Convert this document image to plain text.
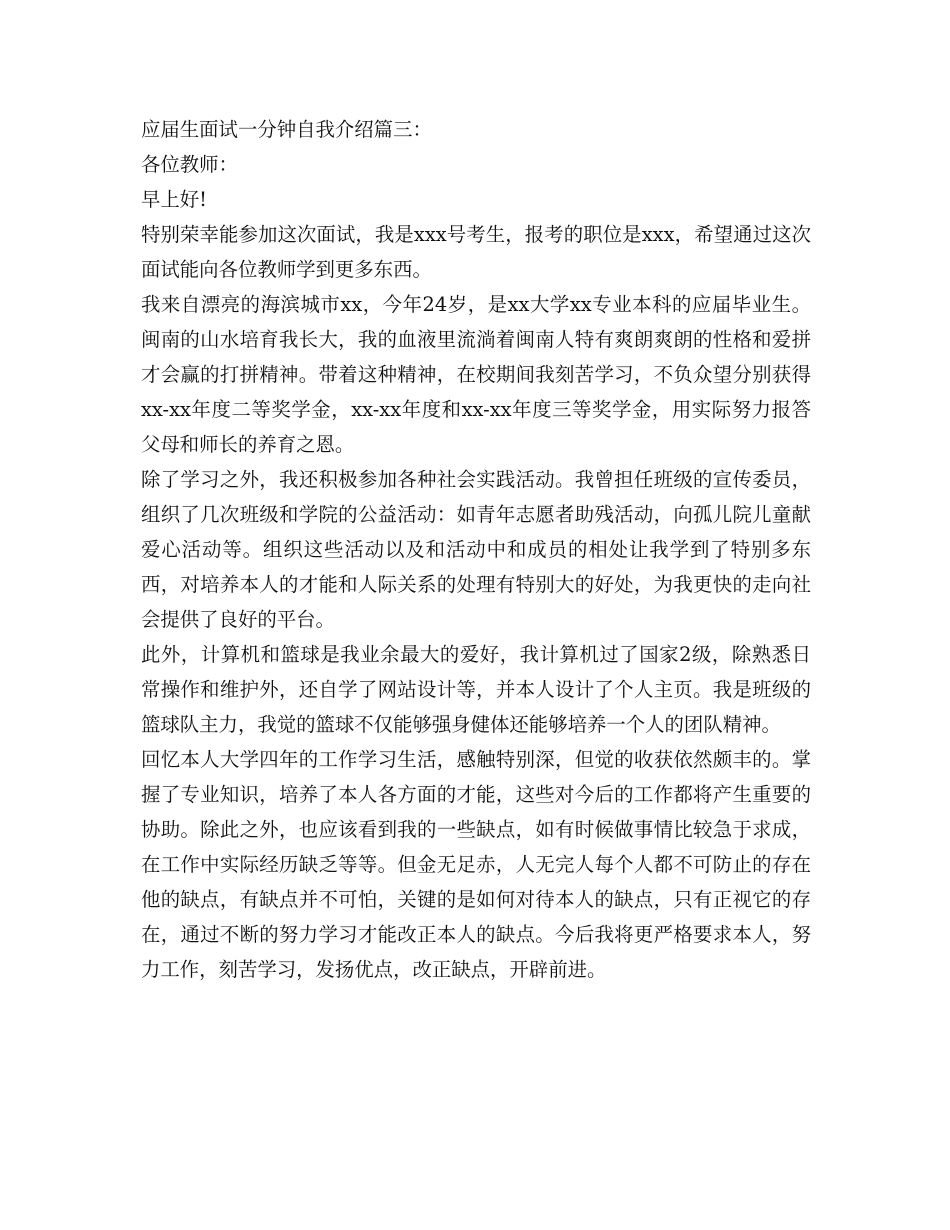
应届生面试一分钟自我介绍篇三：

各位教师：

早上好!

特别荣幸能参加这次面试，我是xxx号考生，报考的职位是xxx，希望通过这次面试能向各位教师学到更多东西。

我来自漂亮的海滨城市xx，今年24岁，是xx大学xx专业本科的应届毕业生。闽南的山水培育我长大，我的血液里流淌着闽南人特有爽朗爽朗的性格和爱拼才会赢的打拼精神。带着这种精神，在校期间我刻苦学习，不负众望分别获得xx-xx年度二等奖学金，xx-xx年度和xx-xx年度三等奖学金，用实际努力报答父母和师长的养育之恩。

除了学习之外，我还积极参加各种社会实践活动。我曾担任班级的宣传委员，组织了几次班级和学院的公益活动：如青年志愿者助残活动，向孤儿院儿童献爱心活动等。组织这些活动以及和活动中和成员的相处让我学到了特别多东西，对培养本人的才能和人际关系的处理有特别大的好处，为我更快的走向社会提供了良好的平台。

此外，计算机和篮球是我业余最大的爱好，我计算机过了国家2级，除熟悉日常操作和维护外，还自学了网站设计等，并本人设计了个人主页。我是班级的篮球队主力，我觉的篮球不仅能够强身健体还能够培养一个人的团队精神。

回忆本人大学四年的工作学习生活，感触特别深，但觉的收获依然颇丰的。掌握了专业知识，培养了本人各方面的才能，这些对今后的工作都将产生重要的协助。除此之外，也应该看到我的一些缺点，如有时候做事情比较急于求成，在工作中实际经历缺乏等等。但金无足赤，人无完人每个人都不可防止的存在他的缺点，有缺点并不可怕，关键的是如何对待本人的缺点，只有正视它的存在，通过不断的努力学习才能改正本人的缺点。今后我将更严格要求本人，努力工作，刻苦学习，发扬优点，改正缺点，开辟前进。
